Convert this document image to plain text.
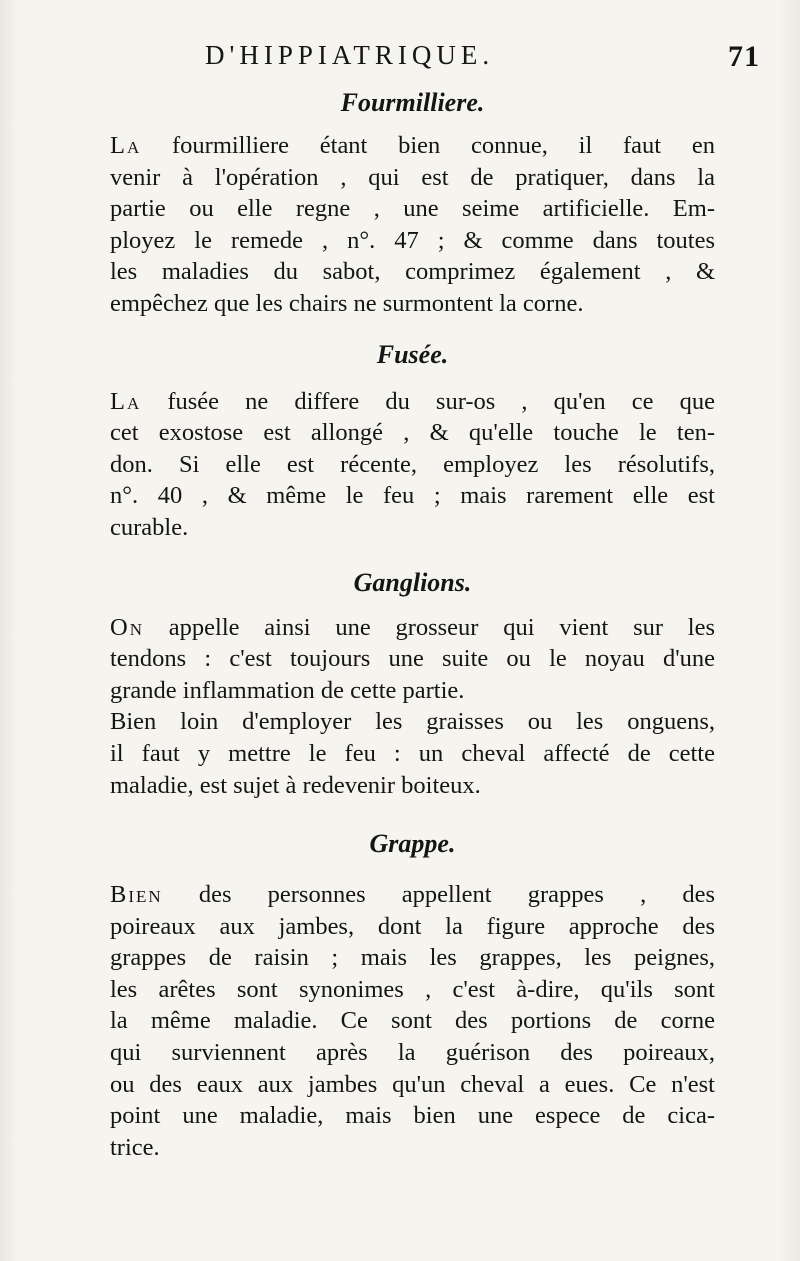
D'HIPPIATRIQUE.	71
Fourmilliere.
La fourmilliere étant bien connue, il faut en
venir à l'opération , qui est de pratiquer, dans la
partie ou elle regne , une seime artificielle. Em-
ployez le remede , n°. 47 ; & comme dans toutes
les maladies du sabot, comprimez également , &
empêchez que les chairs ne surmontent la corne.
Fusée.
La fusée ne differe du sur-os , qu'en ce que
cet exostose est allongé , & qu'elle touche le ten-
don. Si elle est récente, employez les résolutifs,
n°. 40 , & même le feu ; mais rarement elle est
curable.
Ganglions.
On appelle ainsi une grosseur qui vient sur les
tendons : c'est toujours une suite ou le noyau d'une
grande inflammation de cette partie.
Bien loin d'employer les graisses ou les onguens,
il faut y mettre le feu : un cheval affecté de cette
maladie, est sujet à redevenir boiteux.
Grappe.
Bien des personnes appellent grappes , des
poireaux aux jambes, dont la figure approche des
grappes de raisin ; mais les grappes, les peignes,
les arêtes sont synonimes , c'est à-dire, qu'ils sont
la même maladie. Ce sont des portions de corne
qui surviennent après la guérison des poireaux,
ou des eaux aux jambes qu'un cheval a eues. Ce n'est
point une maladie, mais bien une espece de cica-
trice.
